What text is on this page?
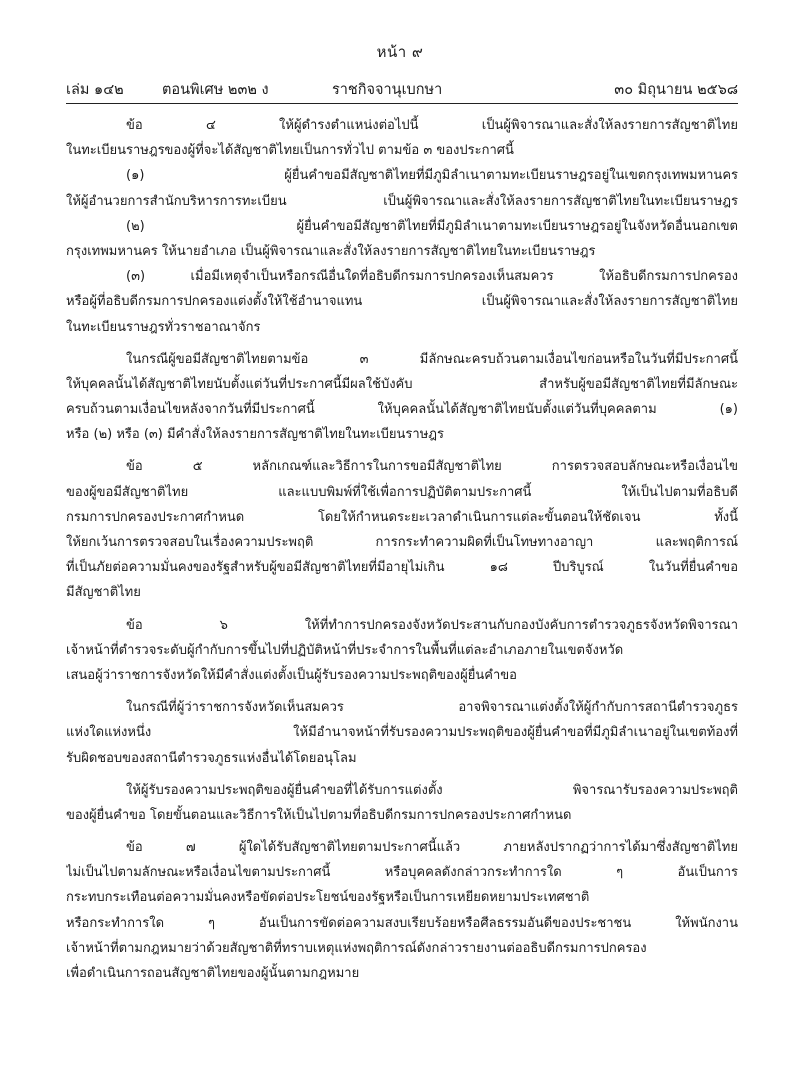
หน้า ๙
เล่ม ๑๔๒	ตอนพิเศษ ๒๓๒ ง	ราชกิจจานุเบกษา	๓๐ มิถุนายน ๒๕๖๘
ข้อ ๔ ให้ผู้ดำรงตำแหน่งต่อไปนี้ เป็นผู้พิจารณาและสั่งให้ลงรายการสัญชาติไทย
ในทะเบียนราษฎรของผู้ที่จะได้สัญชาติไทยเป็นการทั่วไป ตามข้อ ๓ ของประกาศนี้
(๑) ผู้ยื่นคำขอมีสัญชาติไทยที่มีภูมิลำเนาตามทะเบียนราษฎรอยู่ในเขตกรุงเทพมหานคร
ให้ผู้อำนวยการสำนักบริหารการทะเบียน เป็นผู้พิจารณาและสั่งให้ลงรายการสัญชาติไทยในทะเบียนราษฎร
(๒) ผู้ยื่นคำขอมีสัญชาติไทยที่มีภูมิลำเนาตามทะเบียนราษฎรอยู่ในจังหวัดอื่นนอกเขต
กรุงเทพมหานคร ให้นายอำเภอ เป็นผู้พิจารณาและสั่งให้ลงรายการสัญชาติไทยในทะเบียนราษฎร
(๓) เมื่อมีเหตุจำเป็นหรือกรณีอื่นใดที่อธิบดีกรมการปกครองเห็นสมควร ให้อธิบดีกรมการปกครอง
หรือผู้ที่อธิบดีกรมการปกครองแต่งตั้งให้ใช้อำนาจแทน เป็นผู้พิจารณาและสั่งให้ลงรายการสัญชาติไทย
ในทะเบียนราษฎรทั่วราชอาณาจักร
ในกรณีผู้ขอมีสัญชาติไทยตามข้อ ๓ มีลักษณะครบถ้วนตามเงื่อนไขก่อนหรือในวันที่มีประกาศนี้
ให้บุคคลนั้นได้สัญชาติไทยนับตั้งแต่วันที่ประกาศนี้มีผลใช้บังคับ สำหรับผู้ขอมีสัญชาติไทยที่มีลักษณะ
ครบถ้วนตามเงื่อนไขหลังจากวันที่มีประกาศนี้ ให้บุคคลนั้นได้สัญชาติไทยนับตั้งแต่วันที่บุคคลตาม (๑)
หรือ (๒) หรือ (๓) มีคำสั่งให้ลงรายการสัญชาติไทยในทะเบียนราษฎร
ข้อ ๕ หลักเกณฑ์และวิธีการในการขอมีสัญชาติไทย การตรวจสอบลักษณะหรือเงื่อนไข
ของผู้ขอมีสัญชาติไทย และแบบพิมพ์ที่ใช้เพื่อการปฏิบัติตามประกาศนี้ ให้เป็นไปตามที่อธิบดี
กรมการปกครองประกาศกำหนด โดยให้กำหนดระยะเวลาดำเนินการแต่ละขั้นตอนให้ชัดเจน ทั้งนี้
ให้ยกเว้นการตรวจสอบในเรื่องความประพฤติ การกระทำความผิดที่เป็นโทษทางอาญา และพฤติการณ์
ที่เป็นภัยต่อความมั่นคงของรัฐสำหรับผู้ขอมีสัญชาติไทยที่มีอายุไม่เกิน ๑๘ ปีบริบูรณ์ ในวันที่ยื่นคำขอ
มีสัญชาติไทย
ข้อ ๖ ให้ที่ทำการปกครองจังหวัดประสานกับกองบังคับการตำรวจภูธรจังหวัดพิจารณา
เจ้าหน้าที่ตำรวจระดับผู้กำกับการขึ้นไปที่ปฏิบัติหน้าที่ประจำการในพื้นที่แต่ละอำเภอภายในเขตจังหวัด
เสนอผู้ว่าราชการจังหวัดให้มีคำสั่งแต่งตั้งเป็นผู้รับรองความประพฤติของผู้ยื่นคำขอ
ในกรณีที่ผู้ว่าราชการจังหวัดเห็นสมควร อาจพิจารณาแต่งตั้งให้ผู้กำกับการสถานีตำรวจภูธร
แห่งใดแห่งหนึ่ง ให้มีอำนาจหน้าที่รับรองความประพฤติของผู้ยื่นคำขอที่มีภูมิลำเนาอยู่ในเขตท้องที่
รับผิดชอบของสถานีตำรวจภูธรแห่งอื่นได้โดยอนุโลม
ให้ผู้รับรองความประพฤติของผู้ยื่นคำขอที่ได้รับการแต่งตั้ง พิจารณารับรองความประพฤติ
ของผู้ยื่นคำขอ โดยขั้นตอนและวิธีการให้เป็นไปตามที่อธิบดีกรมการปกครองประกาศกำหนด
ข้อ ๗ ผู้ใดได้รับสัญชาติไทยตามประกาศนี้แล้ว ภายหลังปรากฏว่าการได้มาซึ่งสัญชาติไทย
ไม่เป็นไปตามลักษณะหรือเงื่อนไขตามประกาศนี้ หรือบุคคลดังกล่าวกระทำการใด ๆ อันเป็นการ
กระทบกระเทือนต่อความมั่นคงหรือขัดต่อประโยชน์ของรัฐหรือเป็นการเหยียดหยามประเทศชาติ
หรือกระทำการใด ๆ อันเป็นการขัดต่อความสงบเรียบร้อยหรือศีลธรรมอันดีของประชาชน ให้พนักงาน
เจ้าหน้าที่ตามกฎหมายว่าด้วยสัญชาติที่ทราบเหตุแห่งพฤติการณ์ดังกล่าวรายงานต่ออธิบดีกรมการปกครอง
เพื่อดำเนินการถอนสัญชาติไทยของผู้นั้นตามกฎหมาย
